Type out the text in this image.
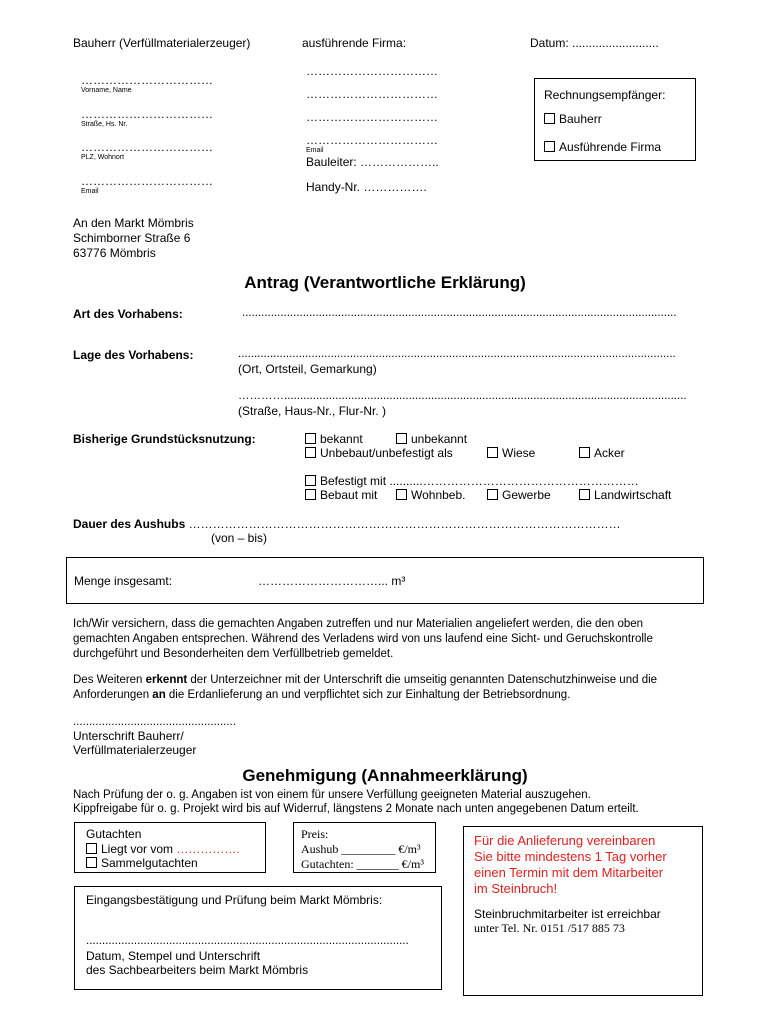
Bauherr (Verfüllmaterialerzeuger)	ausführende Firma:	Datum: ..........................
……………………………
Vorname, Name
……………………………
Straße, Hs. Nr.
……………………………
PLZ, Wohnort
……………………………
Email
……………………………
……………………………
……………………………
……………………………
Email
Bauleiter: ………………..
Handy-Nr. …………….
Rechnungsempfänger:
Bauherr
Ausführende Firma
An den Markt Mömbris
Schimborner Straße 6
63776 Mömbris
Antrag (Verantwortliche Erklärung)
Art des Vorhabens:	........................................................................................................................................
Lage des Vorhabens:	.........................................................................................................................................
(Ort, Ortsteil, Gemarkung)
…………..............................................................................................................................
(Straße, Haus-Nr., Flur-Nr. )
Bisherige Grundstücksnutzung:	bekannt	unbekannt
Unbebaut/unbefestigt als	Wiese	Acker
Befestigt mit ..........………………………………………………
Bebaut mit	Wohnbeb.	Gewerbe	Landwirtschaft
Dauer des Aushubs ………………………………………………………………………………………………
(von – bis)
Menge insgesamt:	…………………………... m³
Ich/Wir versichern, dass die gemachten Angaben zutreffen und nur Materialien angeliefert werden, die den oben gemachten Angaben entsprechen. Während des Verladens wird von uns laufend eine Sicht- und Geruchskontrolle durchgeführt und Besonderheiten dem Verfüllbetrieb gemeldet.
Des Weiteren erkennt der Unterzeichner mit der Unterschrift die umseitig genannten Datenschutzhinweise und die Anforderungen an die Erdanlieferung an und verpflichtet sich zur Einhaltung der Betriebsordnung.
...................................................
Unterschrift Bauherr/
Verfüllmaterialerzeuger
Genehmigung (Annahmeerklärung)
Nach Prüfung der o. g. Angaben ist von einem für unsere Verfüllung geeigneten Material auszugehen.
Kippfreigabe für o. g. Projekt wird bis auf Widerruf, längstens 2 Monate nach unten angegebenen Datum erteilt.
Gutachten
Liegt vor vom …………….
Sammelgutachten
Preis:
Aushub _________ €/m³
Gutachten: _______ €/m³
Für die Anlieferung vereinbaren
Sie bitte mindestens 1 Tag vorher
einen Termin mit dem Mitarbeiter
im Steinbruch!
Steinbruchmitarbeiter ist erreichbar
unter Tel. Nr. 0151 /517 885 73
Eingangsbestätigung und Prüfung beim Markt Mömbris:
.....................................................................................................
Datum, Stempel und Unterschrift
des Sachbearbeiters beim Markt Mömbris
